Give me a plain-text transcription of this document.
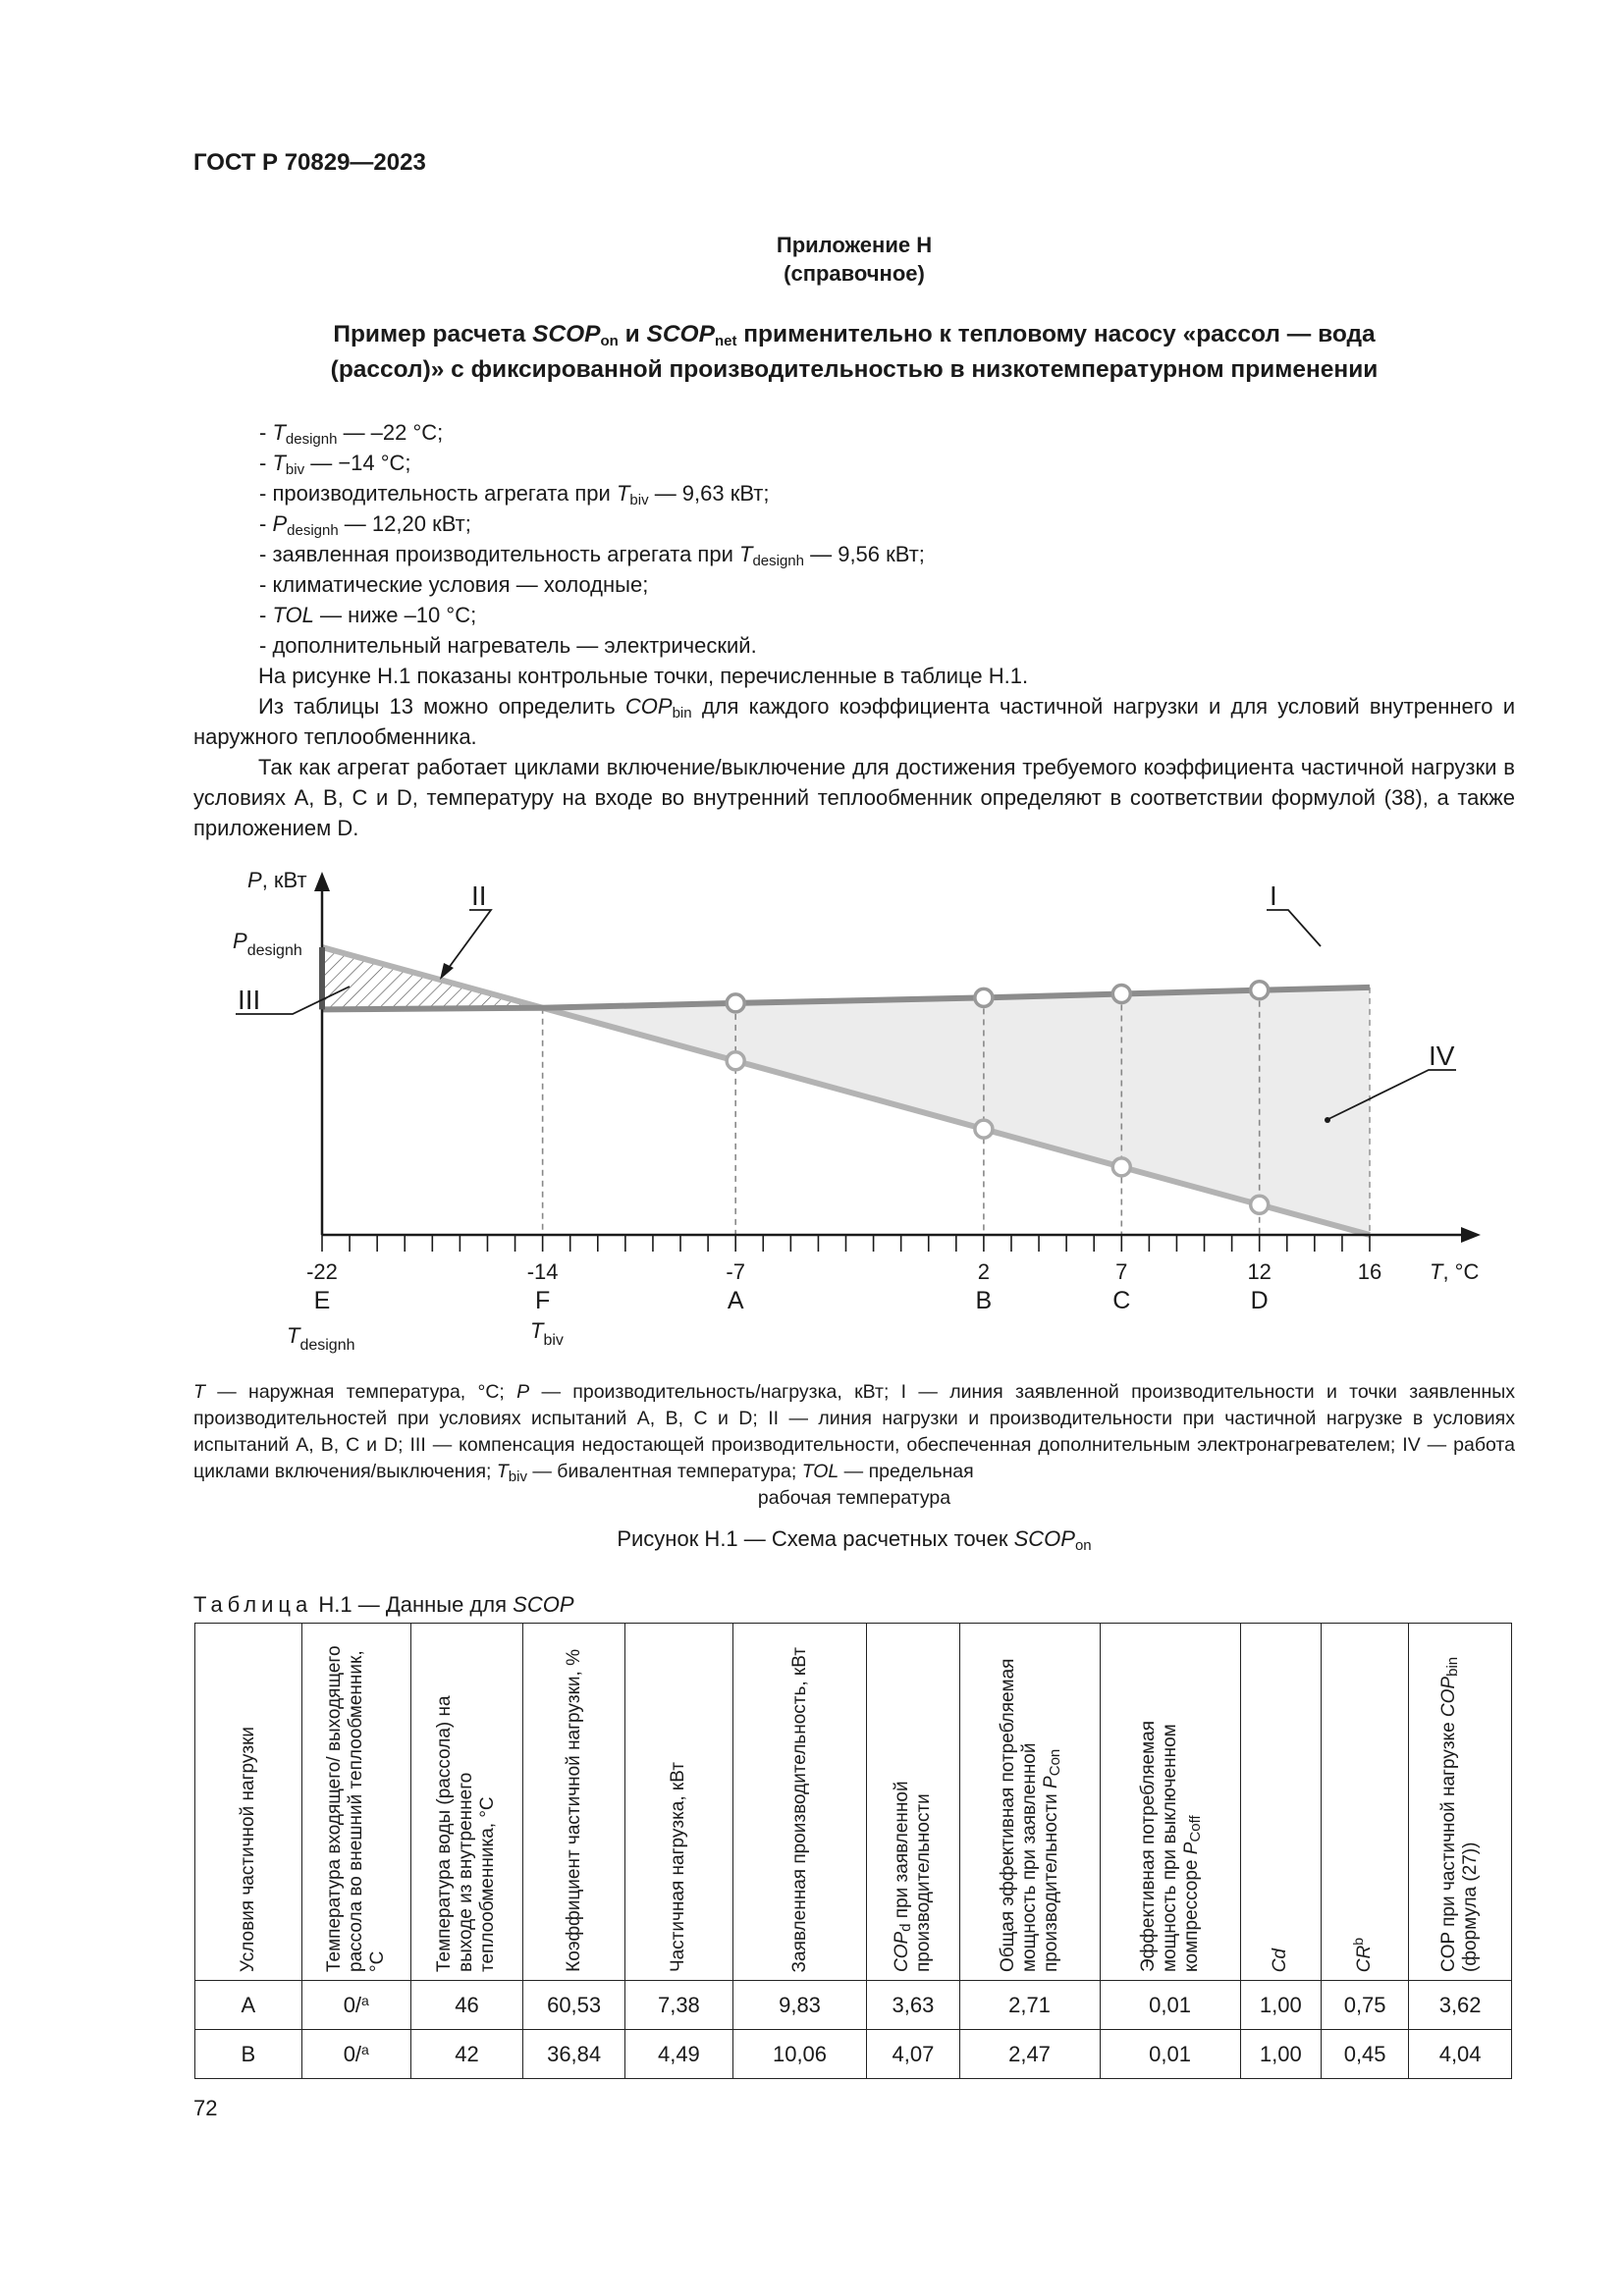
ГОСТ Р 70829—2023
Приложение Н
(справочное)
Пример расчета $SCOP_{on}$ и $SCOP_{net}$ применительно к тепловому насосу «рассол — вода
(рассол)» с фиксированной производительностью в низкотемпературном применении
- $T_{designh}$ — –22 °С;
- $T_{biv}$ — −14 °С;
- производительность агрегата при $T_{biv}$ — 9,63 кВт;
- $P_{designh}$ — 12,20 кВт;
- заявленная производительность агрегата при $T_{designh}$ — 9,56 кВт;
- климатические условия — холодные;
- TOL — ниже –10 °С;
- дополнительный нагреватель — электрический.
На рисунке Н.1 показаны контрольные точки, перечисленные в таблице Н.1.
Из таблицы 13 можно определить $COP_{bin}$ для каждого коэффициента частичной нагрузки и для условий внутреннего и наружного теплообменника.
Так как агрегат работает циклами включение/выключение для достижения требуемого коэффициента частичной нагрузки в условиях A, B, C и D, температуру на входе во внутренний теплообменник определяют в соответствии формулой (38), а также приложением D.
-22
E
-14
F
-7
A
2
B
7
C
12
D
16
P, кВт
T, °C
$P_{designh}$
$T_{designh}$
$T_{biv}$
I
II
III
IV
T — наружная температура, °С; P — производительность/нагрузка, кВт; I — линия заявленной производительности и точки заявленных производительностей при условиях испытаний A, B, C и D; II — линия нагрузки и производительности при частичной нагрузке в условиях испытаний A, B, C и D; III — компенсация недостающей производительности, обеспеченная дополнительным электронагревателем; IV — работа циклами включения/выключения; $T_{biv}$ — бивалентная температура; TOL — предельная
рабочая температура
Рисунок Н.1 — Схема расчетных точек $SCOP_{on}$
Таблица Н.1 — Данные для SCOP
Условия частичной нагрузки	Температура входящего/ выходящего рассола во внешний теплообменник, °С	Температура воды (рассола) на выходе из внутреннего теплообменника, °С	Коэффициент частичной нагрузки, %	Частичная нагрузка, кВт	Заявленная производительность, кВт	$COP_d$ при заявленной производительности	Общая эффективная потребляемая мощность при заявленной производительности $P_{Con}$	Эффективная потребляемая мощность при выключенном компрессоре $P_{Coff}$	Cd	$CR^b$	COP при частичной нагрузке $COP_{bin}$ (формула (27))

A	0/$^a$	46	60,53	7,38	9,83	3,63	2,71	0,01	1,00	0,75	3,62
B	0/$^a$	42	36,84	4,49	10,06	4,07	2,47	0,01	1,00	0,45	4,04
72
